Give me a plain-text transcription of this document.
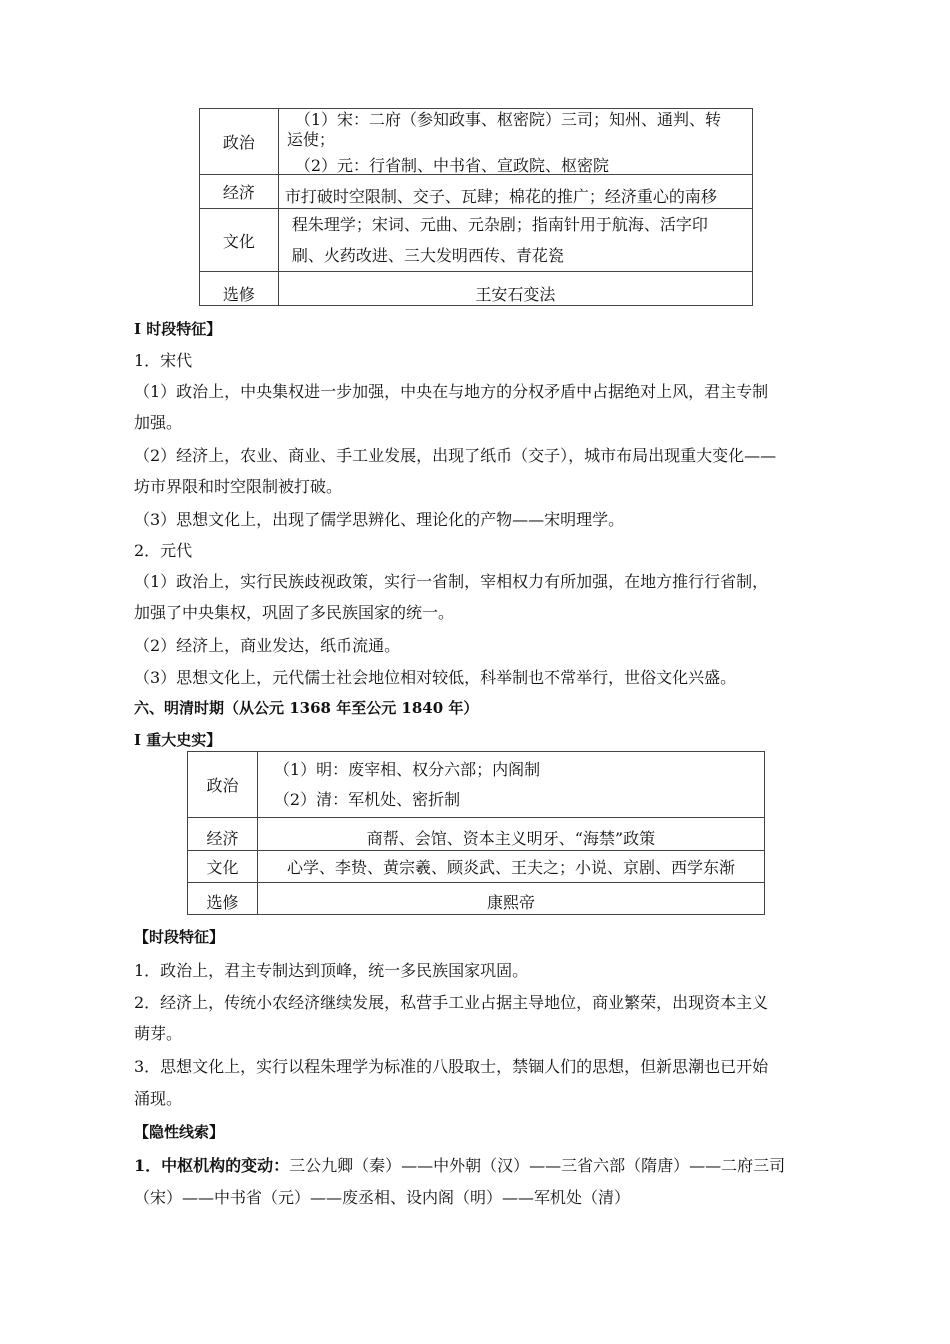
政治	（1）宋：二府（参知政事、枢密院）三司；知州、通判、转
运使；
（2）元：行省制、中书省、宣政院、枢密院

经济	市打破时空限制、交子、瓦肆；棉花的推广；经济重心的南移

文化	程朱理学；宋词、元曲、元杂剧；指南针用于航海、活字印
刷、火药改进、三大发明西传、青花瓷

选修	王安石变法
I 时段特征】
1．宋代
（1）政治上，中央集权进一步加强，中央在与地方的分权矛盾中占据绝对上风，君主专制
加强。
（2）经济上，农业、商业、手工业发展，出现了纸币（交子），城市布局出现重大变化——
坊市界限和时空限制被打破。
（3）思想文化上，出现了儒学思辨化、理论化的产物——宋明理学。
2．元代
（1）政治上，实行民族歧视政策，实行一省制，宰相权力有所加强，在地方推行行省制，
加强了中央集权，巩固了多民族国家的统一。
（2）经济上，商业发达，纸币流通。
（3）思想文化上，元代儒士社会地位相对较低，科举制也不常举行，世俗文化兴盛。
六、明清时期（从公元 1368 年至公元 1840 年）
I 重大史实】
政治	（1）明：废宰相、权分六部；内阁制
（2）清：军机处、密折制

经济	商帮、会馆、资本主义明牙、“海禁”政策

文化	心学、李贽、黄宗羲、顾炎武、王夫之；小说、京剧、西学东渐

选修	康熙帝
【时段特征】
1．政治上，君主专制达到顶峰，统一多民族国家巩固。
2．经济上，传统小农经济继续发展，私营手工业占据主导地位，商业繁荣，出现资本主义
萌芽。
3．思想文化上，实行以程朱理学为标准的八股取士，禁锢人们的思想，但新思潮也已开始
涌现。
【隐性线索】
1．中枢机构的变动：三公九卿（秦）——中外朝（汉）——三省六部（隋唐）——二府三司
（宋）——中书省（元）——废丞相、设内阁（明）——军机处（清）
